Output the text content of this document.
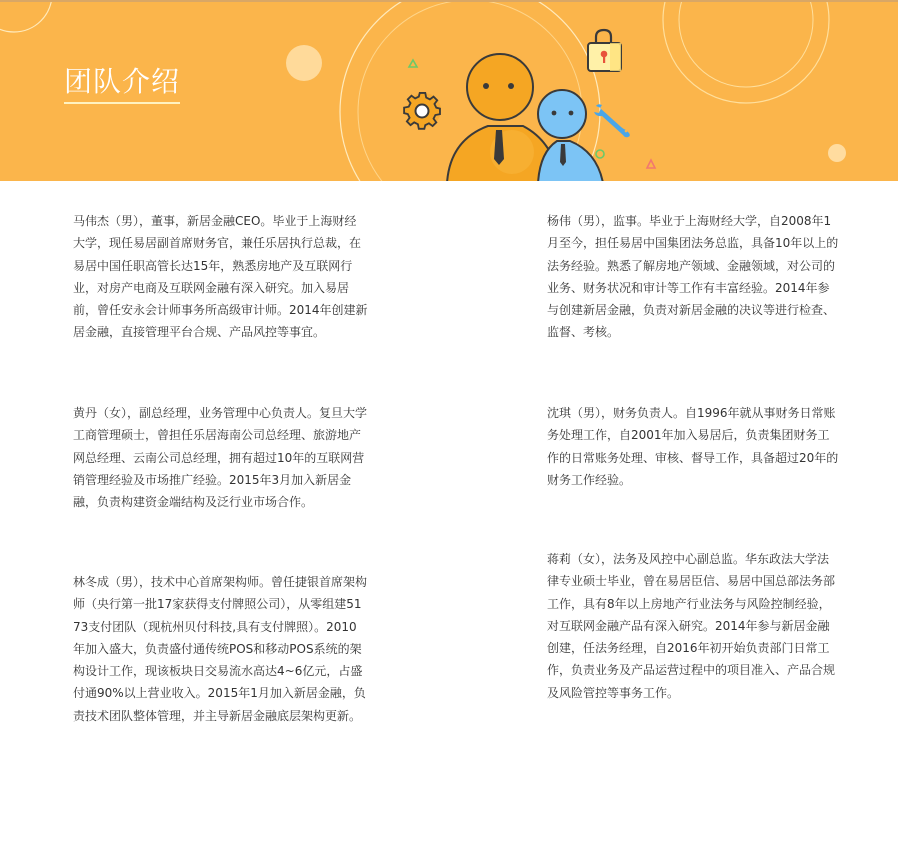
团队介绍

马伟杰（男），董事，新居金融CEO。毕业于上海财经大学，现任易居副首席财务官，兼任乐居执行总裁，在易居中国任职高管长达15年，熟悉房地产及互联网行业，对房产电商及互联网金融有深入研究。加入易居前，曾任安永会计师事务所高级审计师。2014年创建新居金融，直接管理平台合规、产品风控等事宜。

黄丹（女），副总经理，业务管理中心负责人。复旦大学工商管理硕士，曾担任乐居海南公司总经理、旅游地产网总经理、云南公司总经理，拥有超过10年的互联网营销管理经验及市场推广经验。2015年3月加入新居金融，负责构建资金端结构及泛行业市场合作。

林冬成（男），技术中心首席架构师。曾任捷银首席架构师（央行第一批17家获得支付牌照公司），从零组建5173支付团队（现杭州贝付科技,具有支付牌照）。2010年加入盛大，负责盛付通传统POS和移动POS系统的架构设计工作，现该板块日交易流水高达4~6亿元，占盛付通90%以上营业收入。2015年1月加入新居金融，负责技术团队整体管理，并主导新居金融底层架构更新。

杨伟（男），监事。毕业于上海财经大学，自2008年1月至今，担任易居中国集团法务总监，具备10年以上的法务经验。熟悉了解房地产领域、金融领域，对公司的业务、财务状况和审计等工作有丰富经验。2014年参与创建新居金融，负责对新居金融的决议等进行检查、监督、考核。

沈琪（男），财务负责人。自1996年就从事财务日常账务处理工作，自2001年加入易居后，负责集团财务工作的日常账务处理、审核、督导工作，具备超过20年的财务工作经验。

蒋莉（女），法务及风控中心副总监。华东政法大学法律专业硕士毕业，曾在易居臣信、易居中国总部法务部工作，具有8年以上房地产行业法务与风险控制经验，对互联网金融产品有深入研究。2014年参与新居金融创建，任法务经理，自2016年初开始负责部门日常工作，负责业务及产品运营过程中的项目准入、产品合规及风险管控等事务工作。
